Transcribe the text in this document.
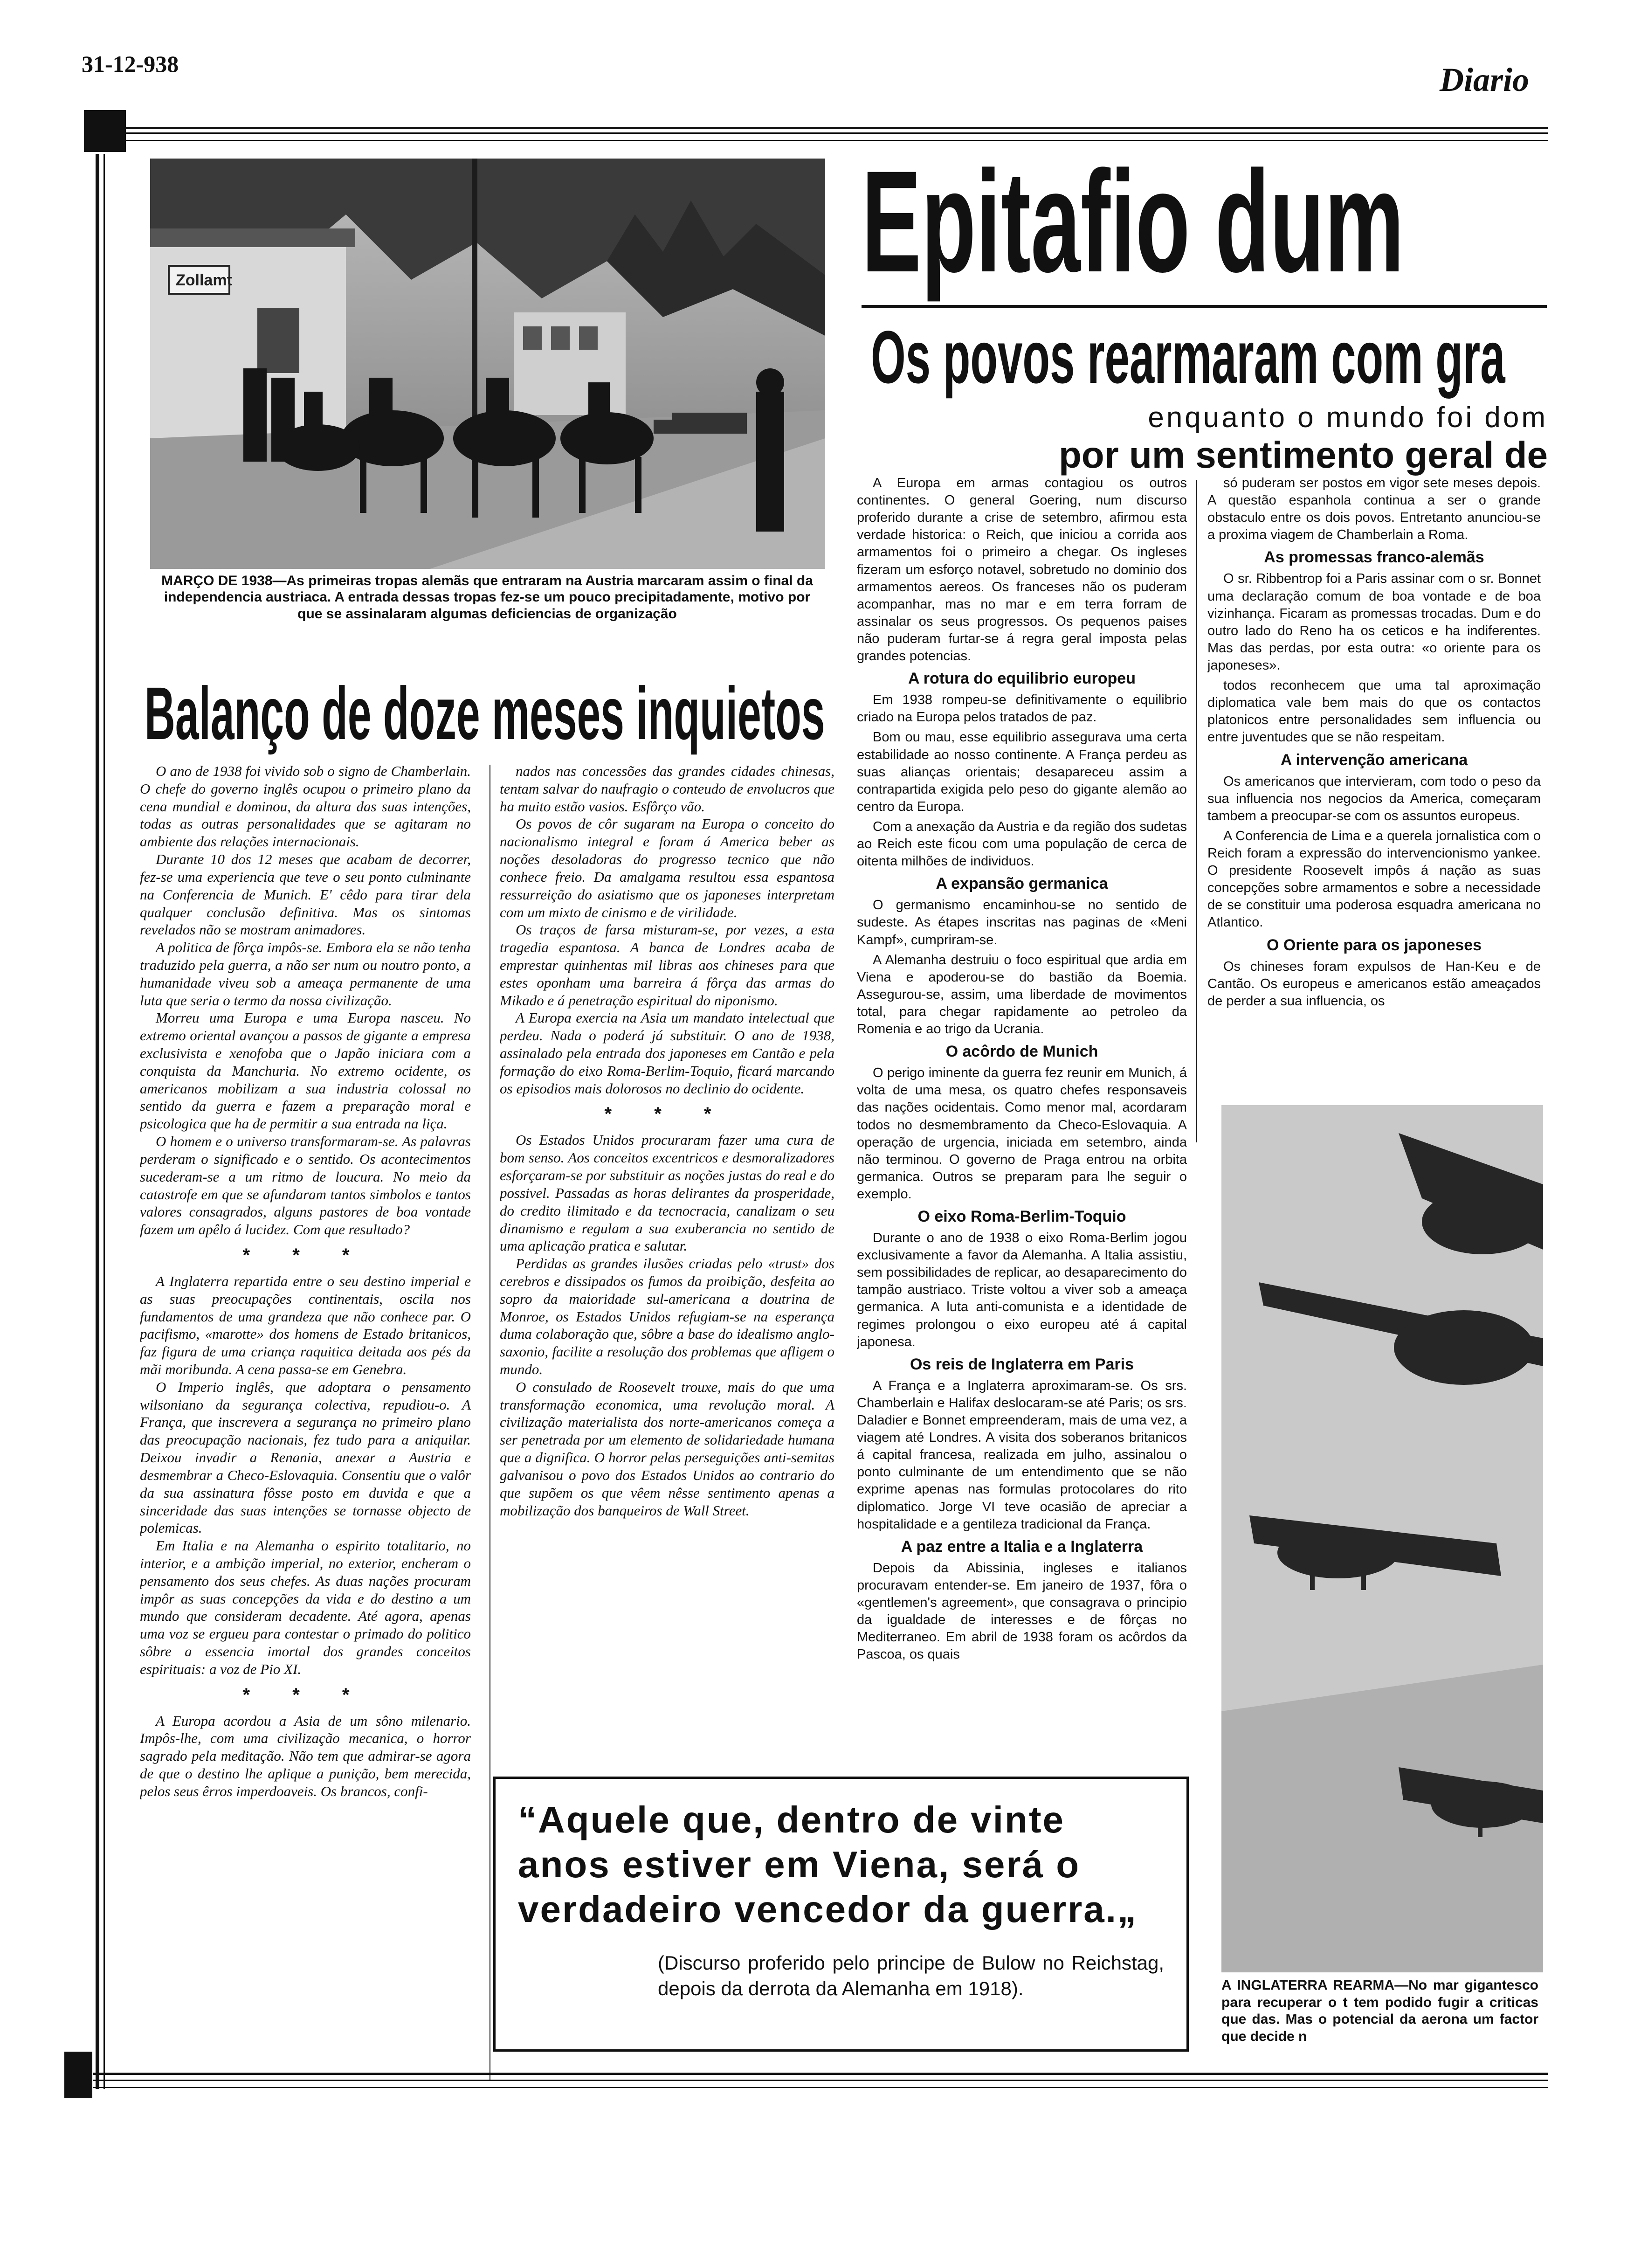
31-12-938	Diario
Zollamt
MARÇO DE 1938—As primeiras tropas alemãs que entraram na Austria marcaram assim o final da independencia austriaca. A entrada dessas tropas fez-se um pouco precipitadamente, motivo por que se assinalaram algumas deficiencias de organização
Epitafio dum
Os povos rearmaram com gra
enquanto o mundo foi dom
por um sentimento geral de
Balanço de doze meses inquietos
O ano de 1938 foi vivido sob o signo de Chamberlain. O chefe do governo inglês ocupou o primeiro plano da cena mundial e dominou, da altura das suas intenções, todas as outras personalidades que se agitaram no ambiente das relações internacionais.
Durante 10 dos 12 meses que acabam de decorrer, fez-se uma experiencia que teve o seu ponto culminante na Conferencia de Munich. E' cêdo para tirar dela qualquer conclusão definitiva. Mas os sintomas revelados não se mostram animadores.
A politica de fôrça impôs-se. Embora ela se não tenha traduzido pela guerra, a não ser num ou noutro ponto, a humanidade viveu sob a ameaça permanente de uma luta que seria o termo da nossa civilização.
Morreu uma Europa e uma Europa nasceu. No extremo oriental avançou a passos de gigante a empresa exclusivista e xenofoba que o Japão iniciara com a conquista da Manchuria. No extremo ocidente, os americanos mobilizam a sua industria colossal no sentido da guerra e fazem a preparação moral e psicologica que ha de permitir a sua entrada na liça.
O homem e o universo transformaram-se. As palavras perderam o significado e o sentido. Os acontecimentos sucederam-se a um ritmo de loucura. No meio da catastrofe em que se afundaram tantos simbolos e tantos valores consagrados, alguns pastores de boa vontade fazem um apêlo á lucidez. Com que resultado?
* * *
A Inglaterra repartida entre o seu destino imperial e as suas preocupações continentais, oscila nos fundamentos de uma grandeza que não conhece par. O pacifismo, «marotte» dos homens de Estado britanicos, faz figura de uma criança raquitica deitada aos pés da mãi moribunda. A cena passa-se em Genebra.
O Imperio inglês, que adoptara o pensamento wilsoniano da segurança colectiva, repudiou-o. A França, que inscrevera a segurança no primeiro plano das preocupação nacionais, fez tudo para a aniquilar. Deixou invadir a Renania, anexar a Austria e desmembrar a Checo-Eslovaquia. Consentiu que o valôr da sua assinatura fôsse posto em duvida e que a sinceridade das suas intenções se tornasse objecto de polemicas.
Em Italia e na Alemanha o espirito totalitario, no interior, e a ambição imperial, no exterior, encheram o pensamento dos seus chefes. As duas nações procuram impôr as suas concepções da vida e do destino a um mundo que consideram decadente. Até agora, apenas uma voz se ergueu para contestar o primado do politico sôbre a essencia imortal dos grandes conceitos espirituais: a voz de Pio XI.
* * *
A Europa acordou a Asia de um sôno milenario. Impôs-lhe, com uma civilização mecanica, o horror sagrado pela meditação. Não tem que admirar-se agora de que o destino lhe aplique a punição, bem merecida, pelos seus êrros imperdoaveis. Os brancos, confi-
nados nas concessões das grandes cidades chinesas, tentam salvar do naufragio o conteudo de envolucros que ha muito estão vasios. Esfôrço vão.
Os povos de côr sugaram na Europa o conceito do nacionalismo integral e foram á America beber as noções desoladoras do progresso tecnico que não conhece freio. Da amalgama resultou essa espantosa ressurreição do asiatismo que os japoneses interpretam com um mixto de cinismo e de virilidade.
Os traços de farsa misturam-se, por vezes, a esta tragedia espantosa. A banca de Londres acaba de emprestar quinhentas mil libras aos chineses para que estes oponham uma barreira á fôrça das armas do Mikado e á penetração espiritual do niponismo.
A Europa exercia na Asia um mandato intelectual que perdeu. Nada o poderá já substituir. O ano de 1938, assinalado pela entrada dos japoneses em Cantão e pela formação do eixo Roma-Berlim-Toquio, ficará marcando os episodios mais dolorosos no declinio do ocidente.
* * *
Os Estados Unidos procuraram fazer uma cura de bom senso. Aos conceitos excentricos e desmoralizadores esforçaram-se por substituir as noções justas do real e do possivel. Passadas as horas delirantes da prosperidade, do credito ilimitado e da tecnocracia, canalizam o seu dinamismo e regulam a sua exuberancia no sentido de uma aplicação pratica e salutar.
Perdidas as grandes ilusões criadas pelo «trust» dos cerebros e dissipados os fumos da proibição, desfeita ao sopro da maioridade sul-americana a doutrina de Monroe, os Estados Unidos refugiam-se na esperança duma colaboração que, sôbre a base do idealismo anglo-saxonio, facilite a resolução dos problemas que afligem o mundo.
O consulado de Roosevelt trouxe, mais do que uma transformação economica, uma revolução moral. A civilização materialista dos norte-americanos começa a ser penetrada por um elemento de solidariedade humana que a dignifica. O horror pelas perseguições anti-semitas galvanisou o povo dos Estados Unidos ao contrario do que supõem os que vêem nêsse sentimento apenas a mobilização dos banqueiros de Wall Street.
A Europa em armas contagiou os outros continentes. O general Goering, num discurso proferido durante a crise de setembro, afirmou esta verdade historica: o Reich, que iniciou a corrida aos armamentos foi o primeiro a chegar. Os ingleses fizeram um esforço notavel, sobretudo no dominio dos armamentos aereos. Os franceses não os puderam acompanhar, mas no mar e em terra forram de assinalar os seus progressos. Os pequenos paises não puderam furtar-se á regra geral imposta pelas grandes potencias.
A rotura do equilibrio europeu
Em 1938 rompeu-se definitivamente o equilibrio criado na Europa pelos tratados de paz.
Bom ou mau, esse equilibrio assegurava uma certa estabilidade ao nosso continente. A França perdeu as suas alianças orientais; desapareceu assim a contrapartida exigida pelo peso do gigante alemão ao centro da Europa.
Com a anexação da Austria e da região dos sudetas ao Reich este ficou com uma população de cerca de oitenta milhões de individuos.
A expansão germanica
O germanismo encaminhou-se no sentido de sudeste. As étapes inscritas nas paginas de «Meni Kampf», cumpriram-se.
A Alemanha destruiu o foco espiritual que ardia em Viena e apoderou-se do bastião da Boemia. Assegurou-se, assim, uma liberdade de movimentos total, para chegar rapidamente ao petroleo da Romenia e ao trigo da Ucrania.
O acôrdo de Munich
O perigo iminente da guerra fez reunir em Munich, á volta de uma mesa, os quatro chefes responsaveis das nações ocidentais. Como menor mal, acordaram todos no desmembramento da Checo-Eslovaquia. A operação de urgencia, iniciada em setembro, ainda não terminou. O governo de Praga entrou na orbita germanica. Outros se preparam para lhe seguir o exemplo.
O eixo Roma-Berlim-Toquio
Durante o ano de 1938 o eixo Roma-Berlim jogou exclusivamente a favor da Alemanha. A Italia assistiu, sem possibilidades de replicar, ao desaparecimento do tampão austriaco. Triste voltou a viver sob a ameaça germanica. A luta anti-comunista e a identidade de regimes prolongou o eixo europeu até á capital japonesa.
Os reis de Inglaterra em Paris
A França e a Inglaterra aproximaram-se. Os srs. Chamberlain e Halifax deslocaram-se até Paris; os srs. Daladier e Bonnet empreenderam, mais de uma vez, a viagem até Londres. A visita dos soberanos britanicos á capital francesa, realizada em julho, assinalou o ponto culminante de um entendimento que se não exprime apenas nas formulas protocolares do rito diplomatico. Jorge VI teve ocasião de apreciar a hospitalidade e a gentileza tradicional da França.
A paz entre a Italia e a Inglaterra
Depois da Abissinia, ingleses e italianos procuravam entender-se. Em janeiro de 1937, fôra o «gentlemen's agreement», que consagrava o principio da igualdade de interesses e de fôrças no Mediterraneo. Em abril de 1938 foram os acôrdos da Pascoa, os quais
só puderam ser postos em vigor sete meses depois. A questão espanhola continua a ser o grande obstaculo entre os dois povos. Entretanto anunciou-se a proxima viagem de Chamberlain a Roma.
As promessas franco-alemãs
O sr. Ribbentrop foi a Paris assinar com o sr. Bonnet uma declaração comum de boa vontade e de boa vizinhança. Ficaram as promessas trocadas. Dum e do outro lado do Reno ha os ceticos e ha indiferentes. Mas das perdas, por esta outra: «o oriente para os japoneses».
todos reconhecem que uma tal aproximação diplomatica vale bem mais do que os contactos platonicos entre personalidades sem influencia ou entre juventudes que se não respeitam.
A intervenção americana
Os americanos que intervieram, com todo o peso da sua influencia nos negocios da America, começaram tambem a preocupar-se com os assuntos europeus.
A Conferencia de Lima e a querela jornalistica com o Reich foram a expressão do intervencionismo yankee. O presidente Roosevelt impôs á nação as suas concepções sobre armamentos e sobre a necessidade de se constituir uma poderosa esquadra americana no Atlantico.
O Oriente para os japoneses
Os chineses foram expulsos de Han-Keu e de Cantão. Os europeus e americanos estão ameaçados de perder a sua influencia, os
“Aquele que, dentro de vinte anos estiver em Viena, será o verdadeiro vencedor da guerra.„
(Discurso proferido pelo principe de Bulow no Reichstag, depois da derrota da Alemanha em 1918).	A INGLATERRA REARMA—No mar gigantesco para recuperar o t tem podido fugir a criticas que das. Mas o potencial da aerona um factor que decide n
